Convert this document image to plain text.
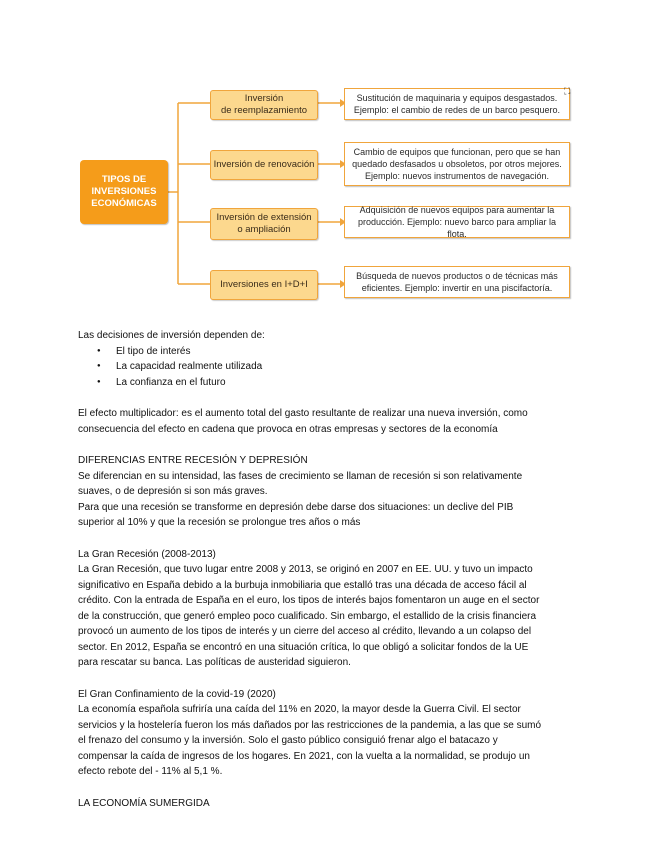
TIPOS DE INVERSIONES ECONÓMICAS
Inversión
de reemplazamiento
Inversión de renovación
Inversión de extensión
o ampliación
Inversiones en I+D+I
Sustitución de maquinaria y equipos desgastados.
Ejemplo: el cambio de redes de un barco pesquero.
Cambio de equipos que funcionan, pero que se han
quedado desfasados u obsoletos, por otros mejores.
Ejemplo: nuevos instrumentos de navegación.
Adquisición de nuevos equipos para aumentar la
producción. Ejemplo: nuevo barco para ampliar la flota.
Búsqueda de nuevos productos o de técnicas más
eficientes. Ejemplo: invertir en una piscifactoría.
⛶

Las decisiones de inversión dependen de:

● El tipo de interés
● La capacidad realmente utilizada
● La confianza en el futuro

El efecto multiplicador: es el aumento total del gasto resultante de realizar una nueva inversión, como
consecuencia del efecto en cadena que provoca en otras empresas y sectores de la economía

DIFERENCIAS ENTRE RECESIÓN Y DEPRESIÓN

Se diferencian en su intensidad, las fases de crecimiento se llaman de recesión si son relativamente
suaves, o de depresión si son más graves.
Para que una recesión se transforme en depresión debe darse dos situaciones: un declive del PIB
superior al 10% y que la recesión se prolongue tres años o más

La Gran Recesión (2008-2013)

La Gran Recesión, que tuvo lugar entre 2008 y 2013, se originó en 2007 en EE. UU. y tuvo un impacto
significativo en España debido a la burbuja inmobiliaria que estalló tras una década de acceso fácil al
crédito. Con la entrada de España en el euro, los tipos de interés bajos fomentaron un auge en el sector
de la construcción, que generó empleo poco cualificado. Sin embargo, el estallido de la crisis financiera
provocó un aumento de los tipos de interés y un cierre del acceso al crédito, llevando a un colapso del
sector. En 2012, España se encontró en una situación crítica, lo que obligó a solicitar fondos de la UE
para rescatar su banca. Las políticas de austeridad siguieron.

El Gran Confinamiento de la covid-19 (2020)

La economía española sufriría una caída del 11% en 2020, la mayor desde la Guerra Civil. El sector
servicios y la hostelería fueron los más dañados por las restricciones de la pandemia, a las que se sumó
el frenazo del consumo y la inversión. Solo el gasto público consiguió frenar algo el batacazo y
compensar la caída de ingresos de los hogares. En 2021, con la vuelta a la normalidad, se produjo un
efecto rebote del - 11% al 5,1 %.

LA ECONOMÍA SUMERGIDA
